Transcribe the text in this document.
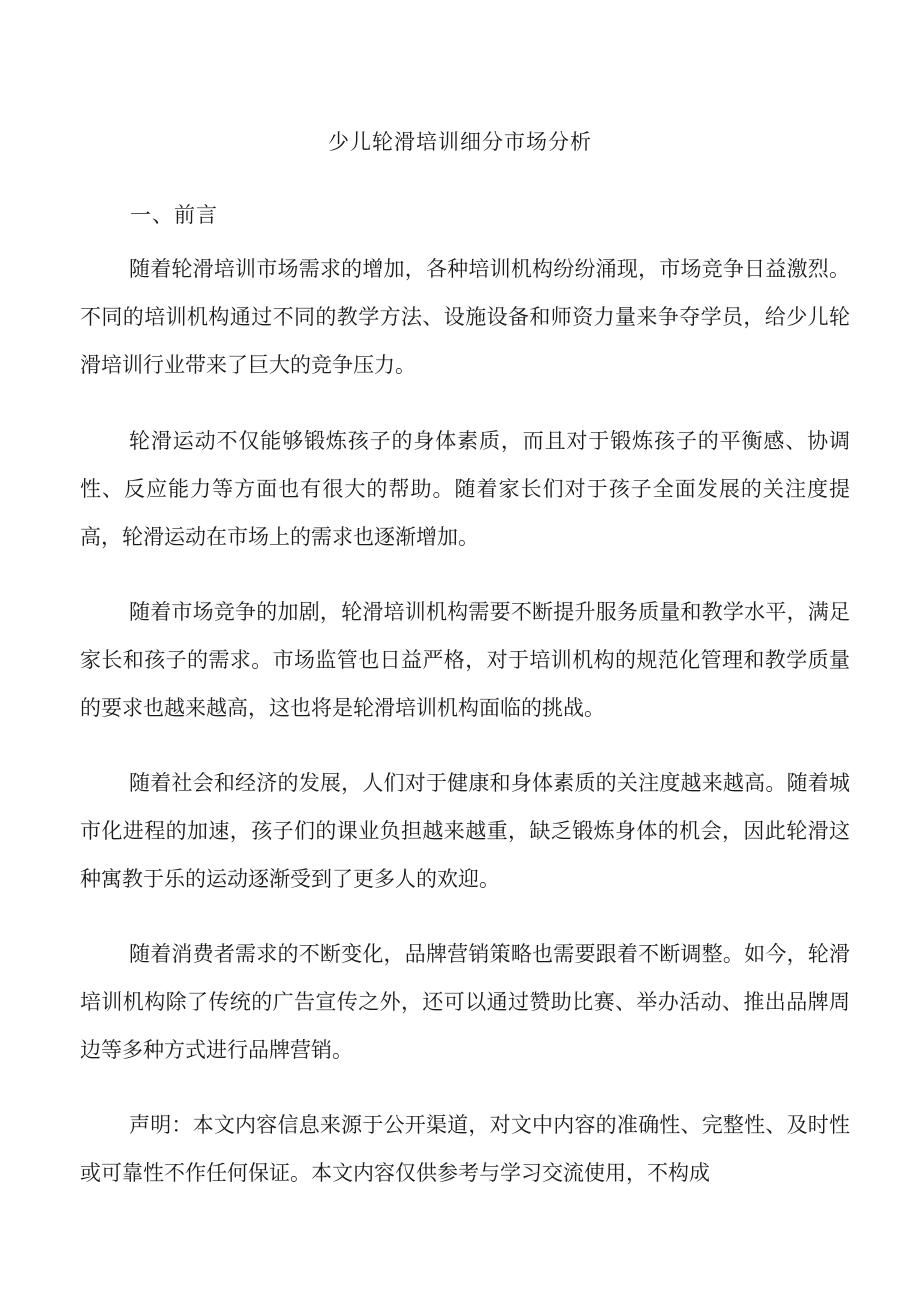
少儿轮滑培训细分市场分析
一、前言

随着轮滑培训市场需求的增加，各种培训机构纷纷涌现，市场竞争日益激烈。不同的培训机构通过不同的教学方法、设施设备和师资力量来争夺学员，给少儿轮滑培训行业带来了巨大的竞争压力。

轮滑运动不仅能够锻炼孩子的身体素质，而且对于锻炼孩子的平衡感、协调性、反应能力等方面也有很大的帮助。随着家长们对于孩子全面发展的关注度提高，轮滑运动在市场上的需求也逐渐增加。

随着市场竞争的加剧，轮滑培训机构需要不断提升服务质量和教学水平，满足家长和孩子的需求。市场监管也日益严格，对于培训机构的规范化管理和教学质量的要求也越来越高，这也将是轮滑培训机构面临的挑战。

随着社会和经济的发展，人们对于健康和身体素质的关注度越来越高。随着城市化进程的加速，孩子们的课业负担越来越重，缺乏锻炼身体的机会，因此轮滑这种寓教于乐的运动逐渐受到了更多人的欢迎。

随着消费者需求的不断变化，品牌营销策略也需要跟着不断调整。如今，轮滑培训机构除了传统的广告宣传之外，还可以通过赞助比赛、举办活动、推出品牌周边等多种方式进行品牌营销。

声明：本文内容信息来源于公开渠道，对文中内容的准确性、完整性、及时性或可靠性不作任何保证。本文内容仅供参考与学习交流使用，不构成
